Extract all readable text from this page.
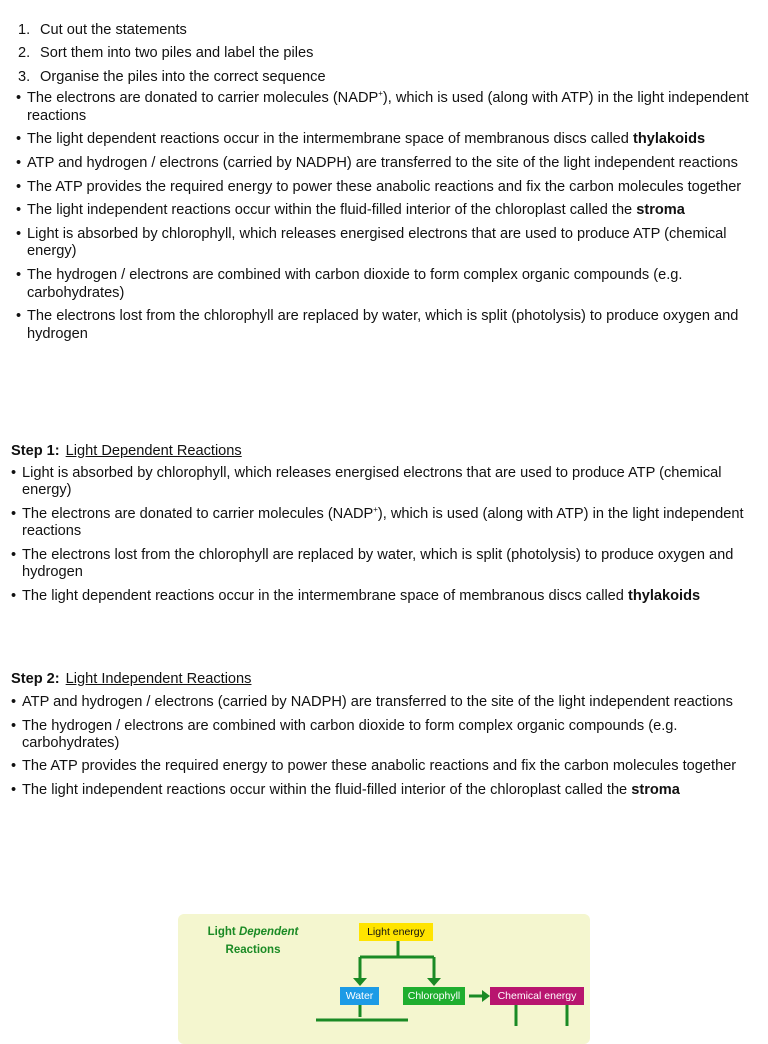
1. Cut out the statements
2. Sort them into two piles and label the piles
3. Organise the piles into the correct sequence
• The electrons are donated to carrier molecules (NADP+), which is used (along with ATP) in the light independent reactions
• The light dependent reactions occur in the intermembrane space of membranous discs called thylakoids
• ATP and hydrogen / electrons (carried by NADPH) are transferred to the site of the light independent reactions
• The ATP provides the required energy to power these anabolic reactions and fix the carbon molecules together
• The light independent reactions occur within the fluid-filled interior of the chloroplast called the stroma
• Light is absorbed by chlorophyll, which releases energised electrons that are used to produce ATP (chemical energy)
• The hydrogen / electrons are combined with carbon dioxide to form complex organic compounds (e.g. carbohydrates)
• The electrons lost from the chlorophyll are replaced by water, which is split (photolysis) to produce oxygen and hydrogen
Step 1: Light Dependent Reactions
• Light is absorbed by chlorophyll, which releases energised electrons that are used to produce ATP (chemical energy)
• The electrons are donated to carrier molecules (NADP+), which is used (along with ATP) in the light independent reactions
• The electrons lost from the chlorophyll are replaced by water, which is split (photolysis) to produce oxygen and hydrogen
• The light dependent reactions occur in the intermembrane space of membranous discs called thylakoids
Step 2: Light Independent Reactions
• ATP and hydrogen / electrons (carried by NADPH) are transferred to the site of the light independent reactions
• The hydrogen / electrons are combined with carbon dioxide to form complex organic compounds (e.g. carbohydrates)
• The ATP provides the required energy to power these anabolic reactions and fix the carbon molecules together
• The light independent reactions occur within the fluid-filled interior of the chloroplast called the stroma
Light Dependent
Reactions
Light energy
Water	Chlorophyll	Chemical energy
